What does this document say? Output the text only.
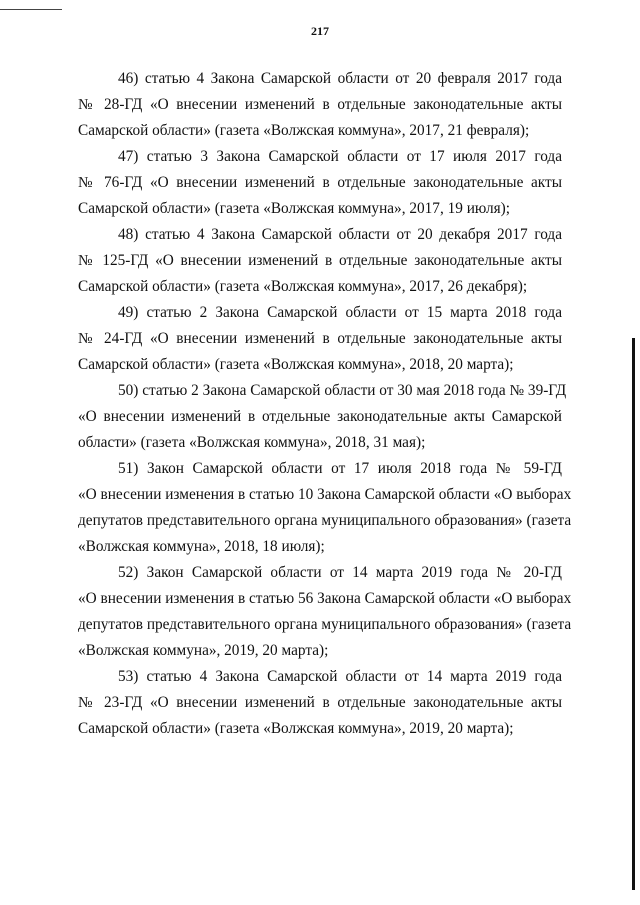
217

46) статью 4 Закона Самарской области от 20 февраля 2017 года
№ 28-ГД «О внесении изменений в отдельные законодательные акты
Самарской области» (газета «Волжская коммуна», 2017, 21 февраля);

47) статью 3 Закона Самарской области от 17 июля 2017 года
№ 76-ГД «О внесении изменений в отдельные законодательные акты
Самарской области» (газета «Волжская коммуна», 2017, 19 июля);

48) статью 4 Закона Самарской области от 20 декабря 2017 года
№ 125-ГД «О внесении изменений в отдельные законодательные акты
Самарской области» (газета «Волжская коммуна», 2017, 26 декабря);

49) статью 2 Закона Самарской области от 15 марта 2018 года
№ 24-ГД «О внесении изменений в отдельные законодательные акты
Самарской области» (газета «Волжская коммуна», 2018, 20 марта);

50) статью 2 Закона Самарской области от 30 мая 2018 года № 39-ГД
«О внесении изменений в отдельные законодательные акты Самарской
области» (газета «Волжская коммуна», 2018, 31 мая);

51) Закон Самарской области от 17 июля 2018 года № 59-ГД
«О внесении изменения в статью 10 Закона Самарской области «О выборах
депутатов представительного органа муниципального образования» (газета
«Волжская коммуна», 2018, 18 июля);

52) Закон Самарской области от 14 марта 2019 года № 20-ГД
«О внесении изменения в статью 56 Закона Самарской области «О выборах
депутатов представительного органа муниципального образования» (газета
«Волжская коммуна», 2019, 20 марта);

53) статью 4 Закона Самарской области от 14 марта 2019 года
№ 23-ГД «О внесении изменений в отдельные законодательные акты
Самарской области» (газета «Волжская коммуна», 2019, 20 марта);
